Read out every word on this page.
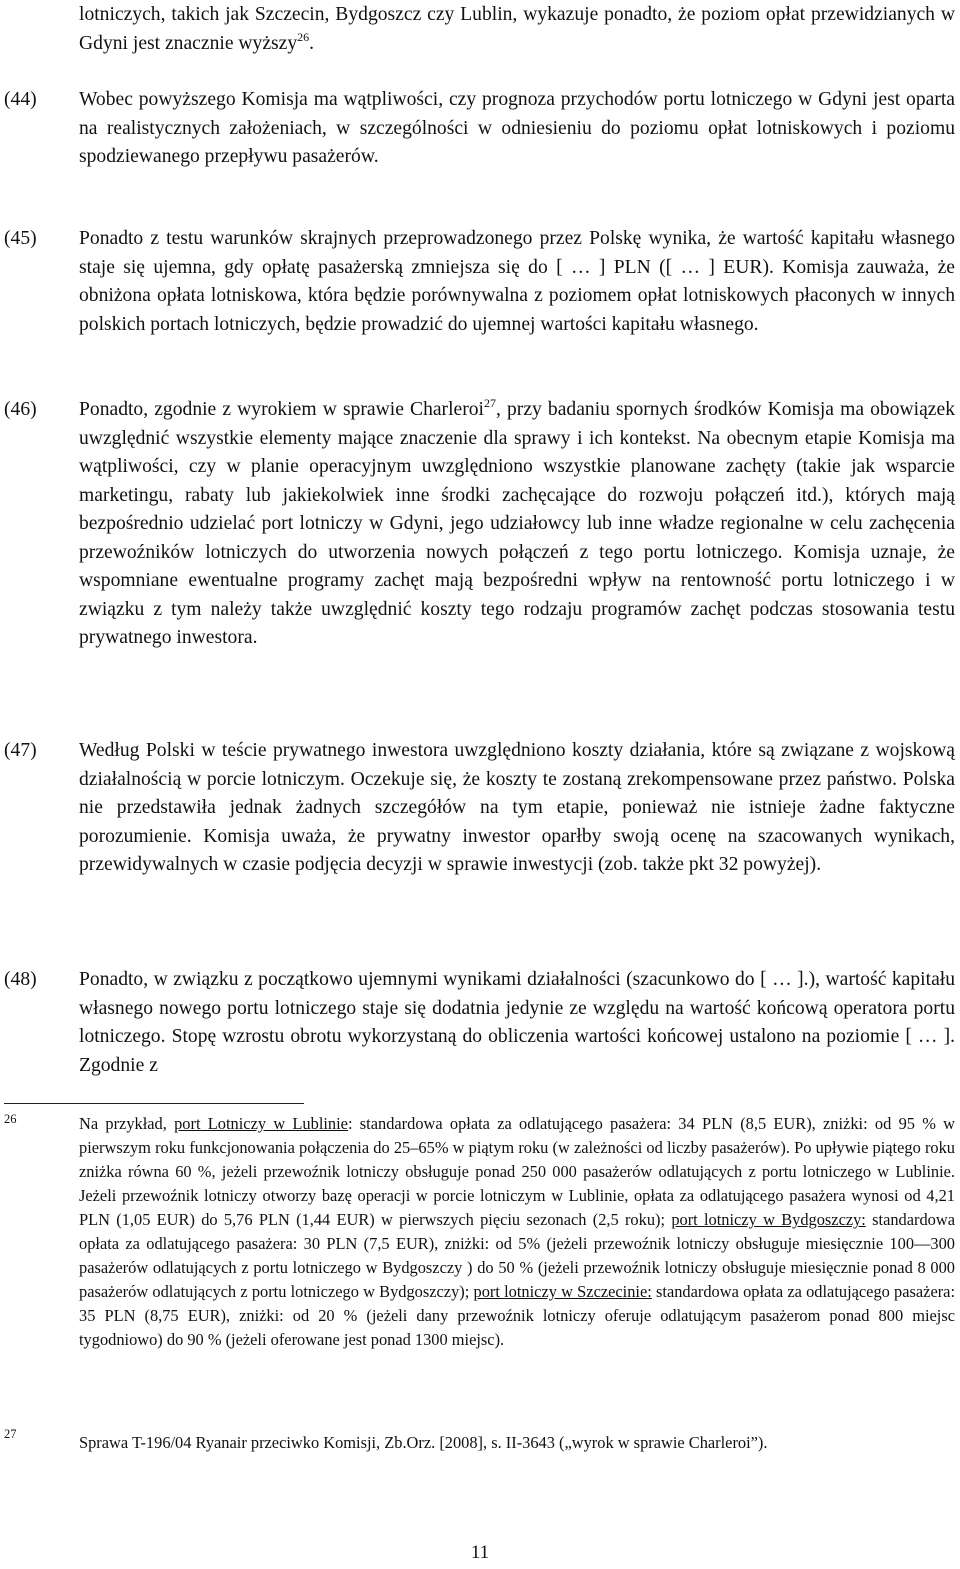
lotniczych, takich jak Szczecin, Bydgoszcz czy Lublin, wykazuje ponadto, że poziom opłat przewidzianych w Gdyni jest znacznie wyższy$^{26}$.
(44) Wobec powyższego Komisja ma wątpliwości, czy prognoza przychodów portu lotniczego w Gdyni jest oparta na realistycznych założeniach, w szczególności w odniesieniu do poziomu opłat lotniskowych i poziomu spodziewanego przepływu pasażerów.
(45) Ponadto z testu warunków skrajnych przeprowadzonego przez Polskę wynika, że wartość kapitału własnego staje się ujemna, gdy opłatę pasażerską zmniejsza się do [ … ] PLN ([ … ] EUR). Komisja zauważa, że obniżona opłata lotniskowa, która będzie porównywalna z poziomem opłat lotniskowych płaconych w innych polskich portach lotniczych, będzie prowadzić do ujemnej wartości kapitału własnego.
(46) Ponadto, zgodnie z wyrokiem w sprawie Charleroi$^{27}$, przy badaniu spornych środków Komisja ma obowiązek uwzględnić wszystkie elementy mające znaczenie dla sprawy i ich kontekst. Na obecnym etapie Komisja ma wątpliwości, czy w planie operacyjnym uwzględniono wszystkie planowane zachęty (takie jak wsparcie marketingu, rabaty lub jakiekolwiek inne środki zachęcające do rozwoju połączeń itd.), których mają bezpośrednio udzielać port lotniczy w Gdyni, jego udziałowcy lub inne władze regionalne w celu zachęcenia przewoźników lotniczych do utworzenia nowych połączeń z tego portu lotniczego. Komisja uznaje, że wspomniane ewentualne programy zachęt mają bezpośredni wpływ na rentowność portu lotniczego i w związku z tym należy także uwzględnić koszty tego rodzaju programów zachęt podczas stosowania testu prywatnego inwestora.
(47) Według Polski w teście prywatnego inwestora uwzględniono koszty działania, które są związane z wojskową działalnością w porcie lotniczym. Oczekuje się, że koszty te zostaną zrekompensowane przez państwo. Polska nie przedstawiła jednak żadnych szczegółów na tym etapie, ponieważ nie istnieje żadne faktyczne porozumienie. Komisja uważa, że prywatny inwestor oparłby swoją ocenę na szacowanych wynikach, przewidywalnych w czasie podjęcia decyzji w sprawie inwestycji (zob. także pkt 32 powyżej).
(48) Ponadto, w związku z początkowo ujemnymi wynikami działalności (szacunkowo do [ … ].), wartość kapitału własnego nowego portu lotniczego staje się dodatnia jedynie ze względu na wartość końcową operatora portu lotniczego. Stopę wzrostu obrotu wykorzystaną do obliczenia wartości końcowej ustalono na poziomie [ … ]. Zgodnie z
26	Na przykład, port Lotniczy w Lublinie: standardowa opłata za odlatującego pasażera: 34 PLN (8,5 EUR), zniżki: od 95 % w pierwszym roku funkcjonowania połączenia do 25–65% w piątym roku (w zależności od liczby pasażerów). Po upływie piątego roku zniżka równa 60 %, jeżeli przewoźnik lotniczy obsługuje ponad 250 000 pasażerów odlatujących z portu lotniczego w Lublinie. Jeżeli przewoźnik lotniczy otworzy bazę operacji w porcie lotniczym w Lublinie, opłata za odlatującego pasażera wynosi od 4,21 PLN (1,05 EUR) do 5,76 PLN (1,44 EUR) w pierwszych pięciu sezonach (2,5 roku); port lotniczy w Bydgoszczy: standardowa opłata za odlatującego pasażera: 30 PLN (7,5 EUR), zniżki: od 5% (jeżeli przewoźnik lotniczy obsługuje miesięcznie 100—300 pasażerów odlatujących z portu lotniczego w Bydgoszczy ) do 50 % (jeżeli przewoźnik lotniczy obsługuje miesięcznie ponad 8 000 pasażerów odlatujących z portu lotniczego w Bydgoszczy); port lotniczy w Szczecinie: standardowa opłata za odlatującego pasażera: 35 PLN (8,75 EUR), zniżki: od 20 % (jeżeli dany przewoźnik lotniczy oferuje odlatującym pasażerom ponad 800 miejsc tygodniowo) do 90 % (jeżeli oferowane jest ponad 1300 miejsc).
27	Sprawa T-196/04 Ryanair przeciwko Komisji, Zb.Orz. [2008], s. II-3643 („wyrok w sprawie Charleroi”).
11
